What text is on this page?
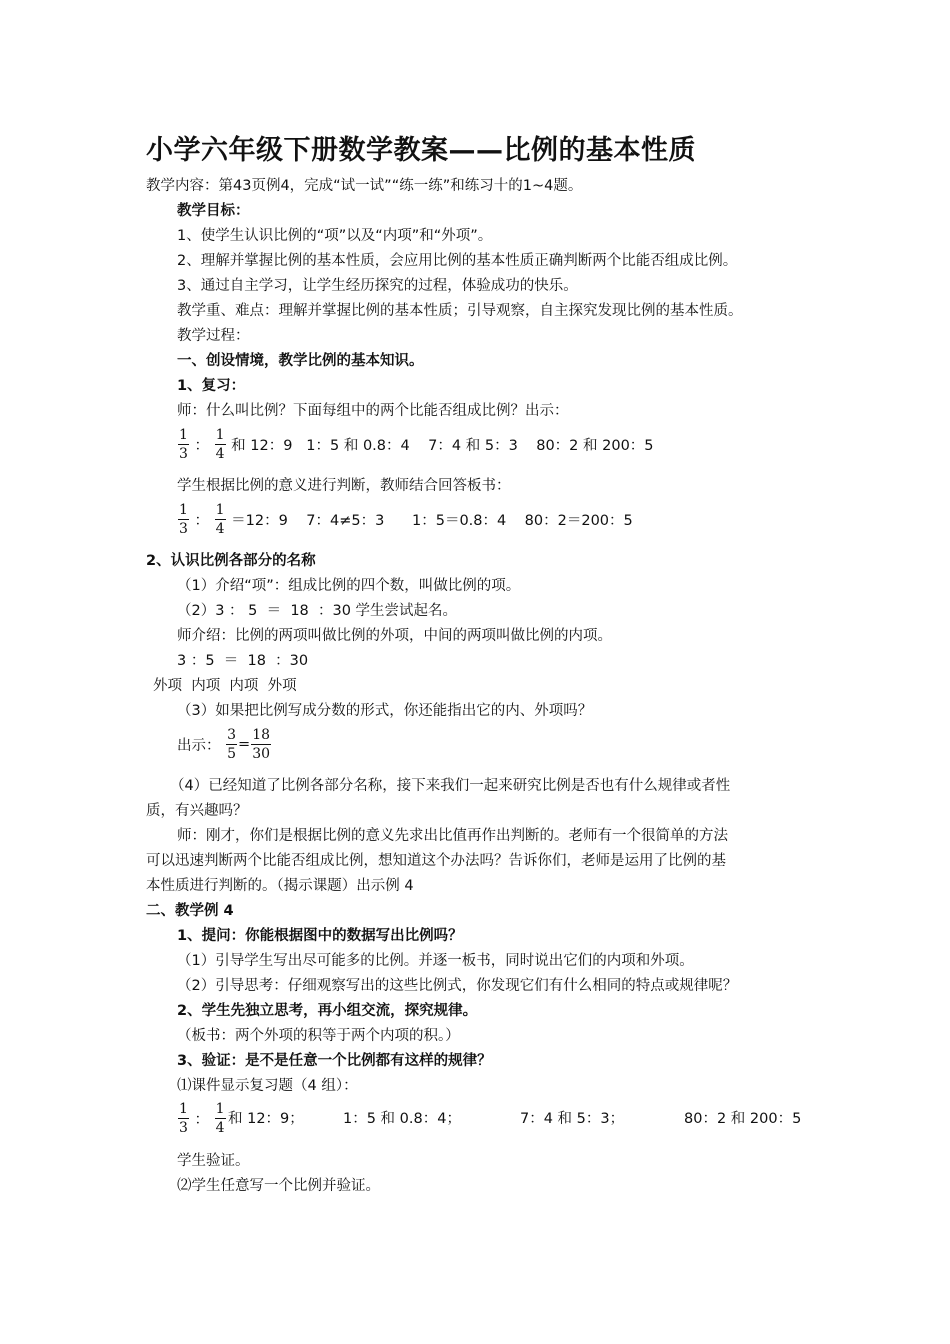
小学六年级下册数学教案——比例的基本性质
教学内容：第43页例4，完成“试一试”“练一练”和练习十的1~4题。
教学目标：
1、使学生认识比例的“项”以及“内项”和“外项”。
2、理解并掌握比例的基本性质，会应用比例的基本性质正确判断两个比能否组成比例。
3、通过自主学习，让学生经历探究的过程，体验成功的快乐。
教学重、难点：理解并掌握比例的基本性质；引导观察，自主探究发现比例的基本性质。
教学过程：
一、创设情境，教学比例的基本知识。
1、复习：
师：什么叫比例？下面每组中的两个比能否组成比例？出示：
$\frac{1}{3}$ ： $\frac{1}{4}$ 和 12：9   1：5 和 0.8：4    7：4 和 5：3    80：2 和 200：5
学生根据比例的意义进行判断，教师结合回答板书：
$\frac{1}{3}$ ： $\frac{1}{4} =12$：9    7：4≠5：3      1：5＝0.8：4    80：2＝200：5
2、认识比例各部分的名称
（1）介绍“项”：组成比例的四个数，叫做比例的项。
（2）3 ： 5  ＝  18  ：30 学生尝试起名。
师介绍：比例的两项叫做比例的外项，中间的两项叫做比例的内项。
3 ：5  ＝  18  ：30
外项  内项  内项  外项
（3）如果把比例写成分数的形式，你还能指出它的内、外项吗？
出示： $\frac{3}{5} = \frac{18}{30}$
（4）已经知道了比例各部分名称，接下来我们一起来研究比例是否也有什么规律或者性
质，有兴趣吗？
师：刚才，你们是根据比例的意义先求出比值再作出判断的。老师有一个很简单的方法
可以迅速判断两个比能否组成比例，想知道这个办法吗？告诉你们，老师是运用了比例的基
本性质进行判断的。（揭示课题）出示例 4
二、教学例 4
1、提问：你能根据图中的数据写出比例吗？
（1）引导学生写出尽可能多的比例。并逐一板书，同时说出它们的内项和外项。
（2）引导思考：仔细观察写出的这些比例式，你发现它们有什么相同的特点或规律呢？
2、学生先独立思考，再小组交流，探究规律。
（板书：两个外项的积等于两个内项的积。）
3、验证：是不是任意一个比例都有这样的规律？
⑴课件显示复习题（4 组）：
$\frac{1}{3}$ ： $\frac{1}{4}$ 和 12：9；	1：5 和 0.8：4；	7：4 和 5：3；	80：2 和 200：5
学生验证。
⑵学生任意写一个比例并验证。
